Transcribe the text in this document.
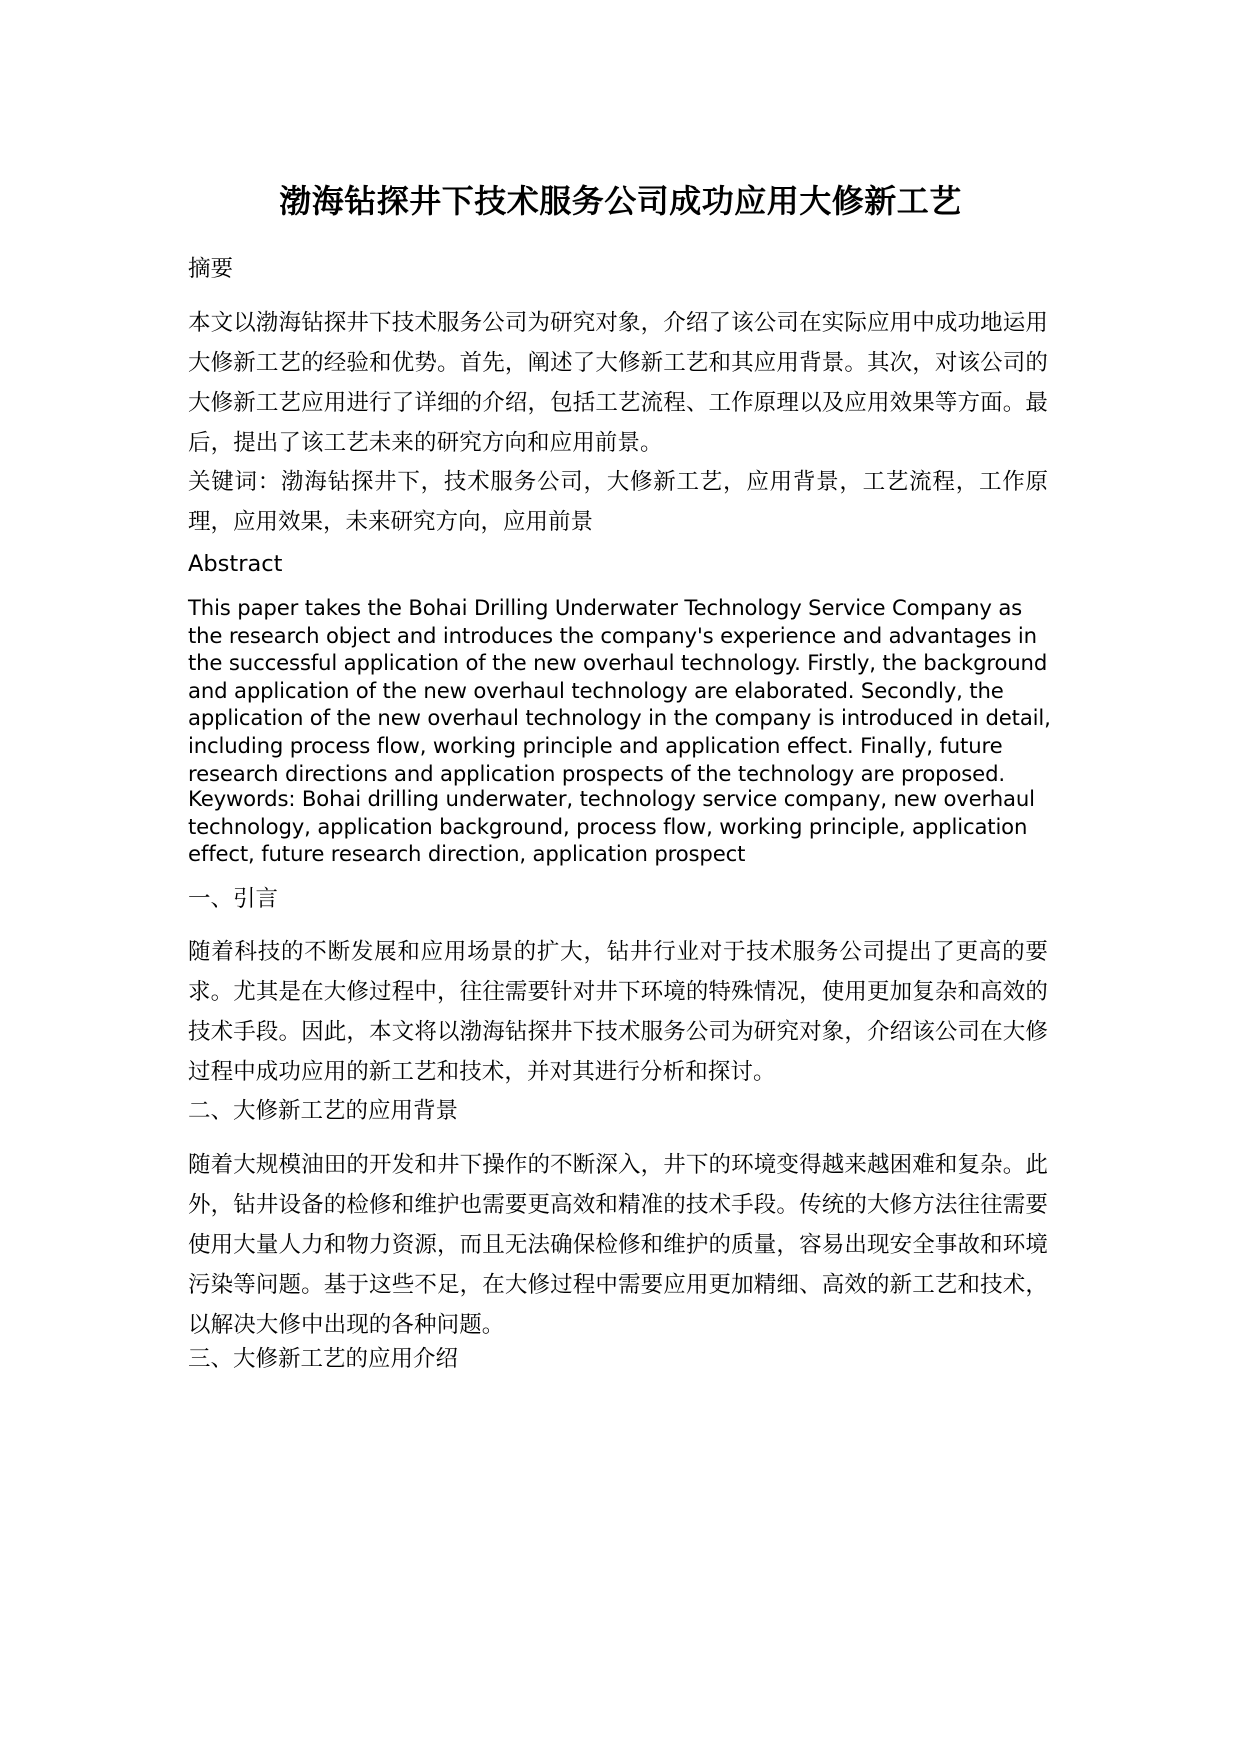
渤海钻探井下技术服务公司成功应用大修新工艺
摘要
本文以渤海钻探井下技术服务公司为研究对象，介绍了该公司在实际应用中成功地运用大修新工艺的经验和优势。首先，阐述了大修新工艺和其应用背景。其次，对该公司的大修新工艺应用进行了详细的介绍，包括工艺流程、工作原理以及应用效果等方面。最后，提出了该工艺未来的研究方向和应用前景。
关键词：渤海钻探井下，技术服务公司，大修新工艺，应用背景，工艺流程，工作原理，应用效果，未来研究方向，应用前景
Abstract
This paper takes the Bohai Drilling Underwater Technology Service Company as the research object and introduces the company's experience and advantages in the successful application of the new overhaul technology. Firstly, the background and application of the new overhaul technology are elaborated. Secondly, the application of the new overhaul technology in the company is introduced in detail, including process flow, working principle and application effect. Finally, future research directions and application prospects of the technology are proposed.
Keywords: Bohai drilling underwater, technology service company, new overhaul technology, application background, process flow, working principle, application effect, future research direction, application prospect
一、引言
随着科技的不断发展和应用场景的扩大，钻井行业对于技术服务公司提出了更高的要求。尤其是在大修过程中，往往需要针对井下环境的特殊情况，使用更加复杂和高效的技术手段。因此，本文将以渤海钻探井下技术服务公司为研究对象，介绍该公司在大修过程中成功应用的新工艺和技术，并对其进行分析和探讨。
二、大修新工艺的应用背景
随着大规模油田的开发和井下操作的不断深入，井下的环境变得越来越困难和复杂。此外，钻井设备的检修和维护也需要更高效和精准的技术手段。传统的大修方法往往需要使用大量人力和物力资源，而且无法确保检修和维护的质量，容易出现安全事故和环境污染等问题。基于这些不足，在大修过程中需要应用更加精细、高效的新工艺和技术，以解决大修中出现的各种问题。
三、大修新工艺的应用介绍
